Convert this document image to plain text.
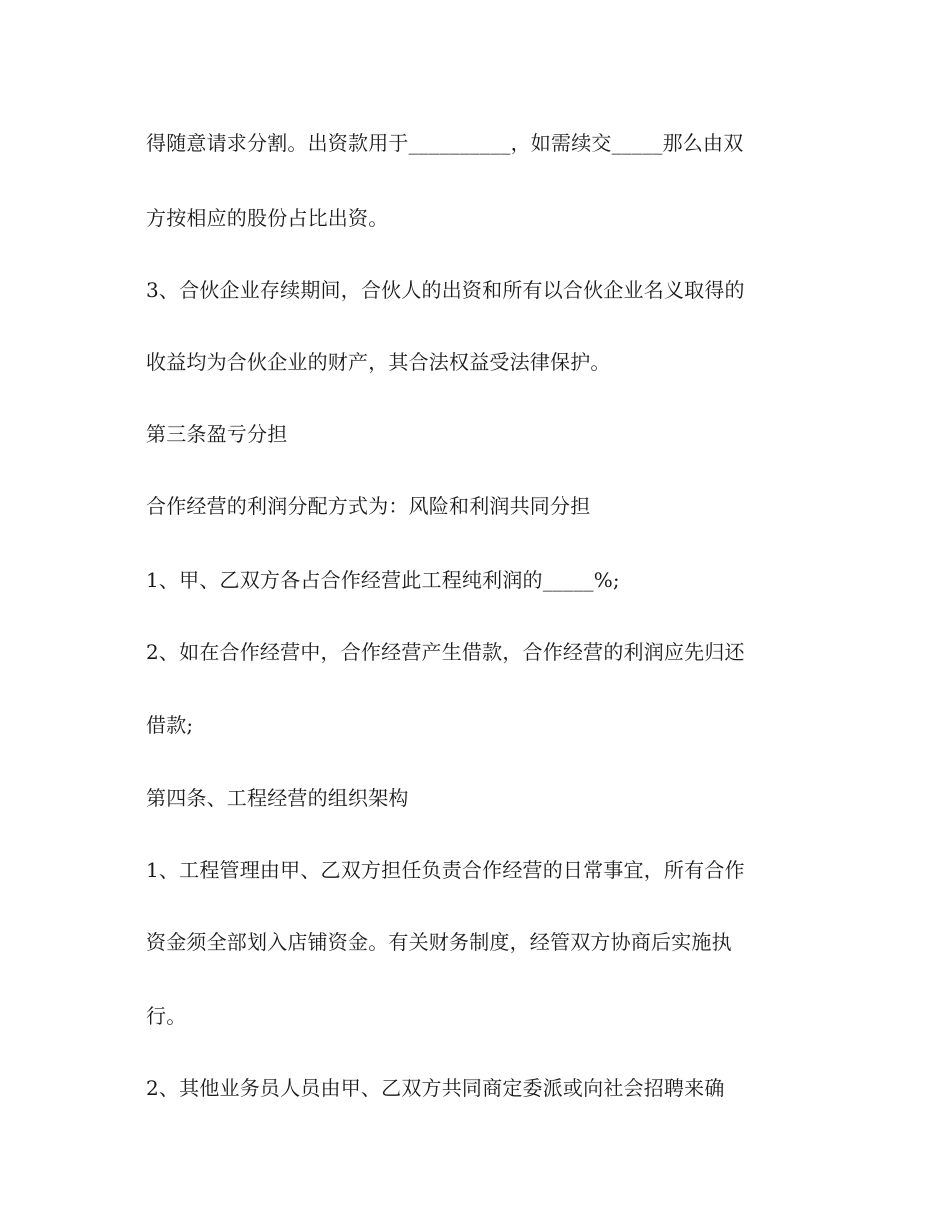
得随意请求分割。出资款用于__________，如需续交_____那么由双
方按相应的股份占比出资。
3、合伙企业存续期间，合伙人的出资和所有以合伙企业名义取得的
收益均为合伙企业的财产，其合法权益受法律保护。
第三条盈亏分担
合作经营的利润分配方式为：风险和利润共同分担
1、甲、乙双方各占合作经营此工程纯利润的_____%;
2、如在合作经营中，合作经营产生借款，合作经营的利润应先归还
借款;
第四条、工程经营的组织架构
1、工程管理由甲、乙双方担任负责合作经营的日常事宜，所有合作
资金须全部划入店铺资金。有关财务制度，经管双方协商后实施执
行。
2、其他业务员人员由甲、乙双方共同商定委派或向社会招聘来确
